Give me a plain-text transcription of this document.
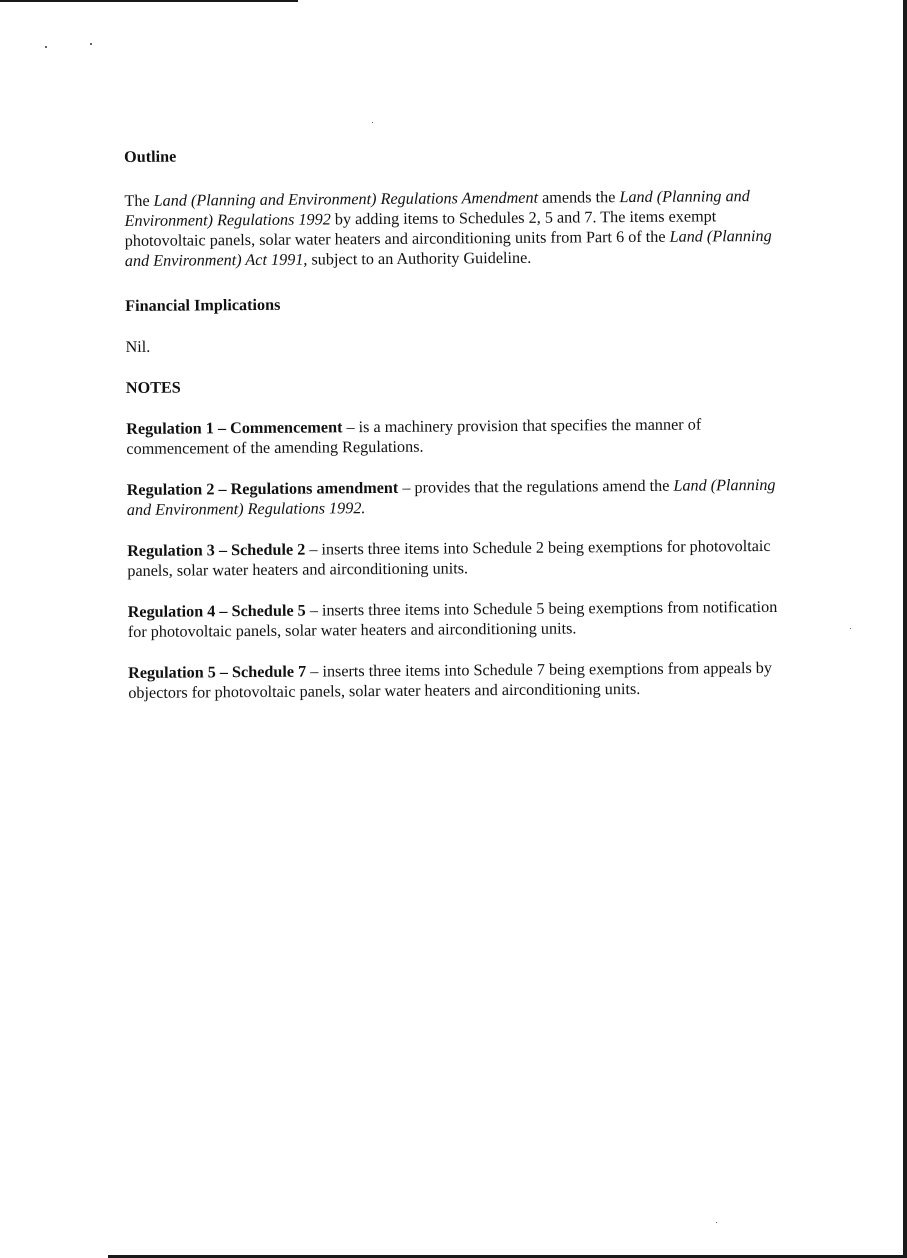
Outline

The Land (Planning and Environment) Regulations Amendment amends the Land (Planning and Environment) Regulations 1992 by adding items to Schedules 2, 5 and 7. The items exempt photovoltaic panels, solar water heaters and airconditioning units from Part 6 of the Land (Planning and Environment) Act 1991, subject to an Authority Guideline.

Financial Implications

Nil.

NOTES

Regulation 1 – Commencement – is a machinery provision that specifies the manner of commencement of the amending Regulations.

Regulation 2 – Regulations amendment – provides that the regulations amend the Land (Planning and Environment) Regulations 1992.

Regulation 3 – Schedule 2 – inserts three items into Schedule 2 being exemptions for photovoltaic panels, solar water heaters and airconditioning units.

Regulation 4 – Schedule 5 – inserts three items into Schedule 5 being exemptions from notification for photovoltaic panels, solar water heaters and airconditioning units.

Regulation 5 – Schedule 7 – inserts three items into Schedule 7 being exemptions from appeals by objectors for photovoltaic panels, solar water heaters and airconditioning units.
